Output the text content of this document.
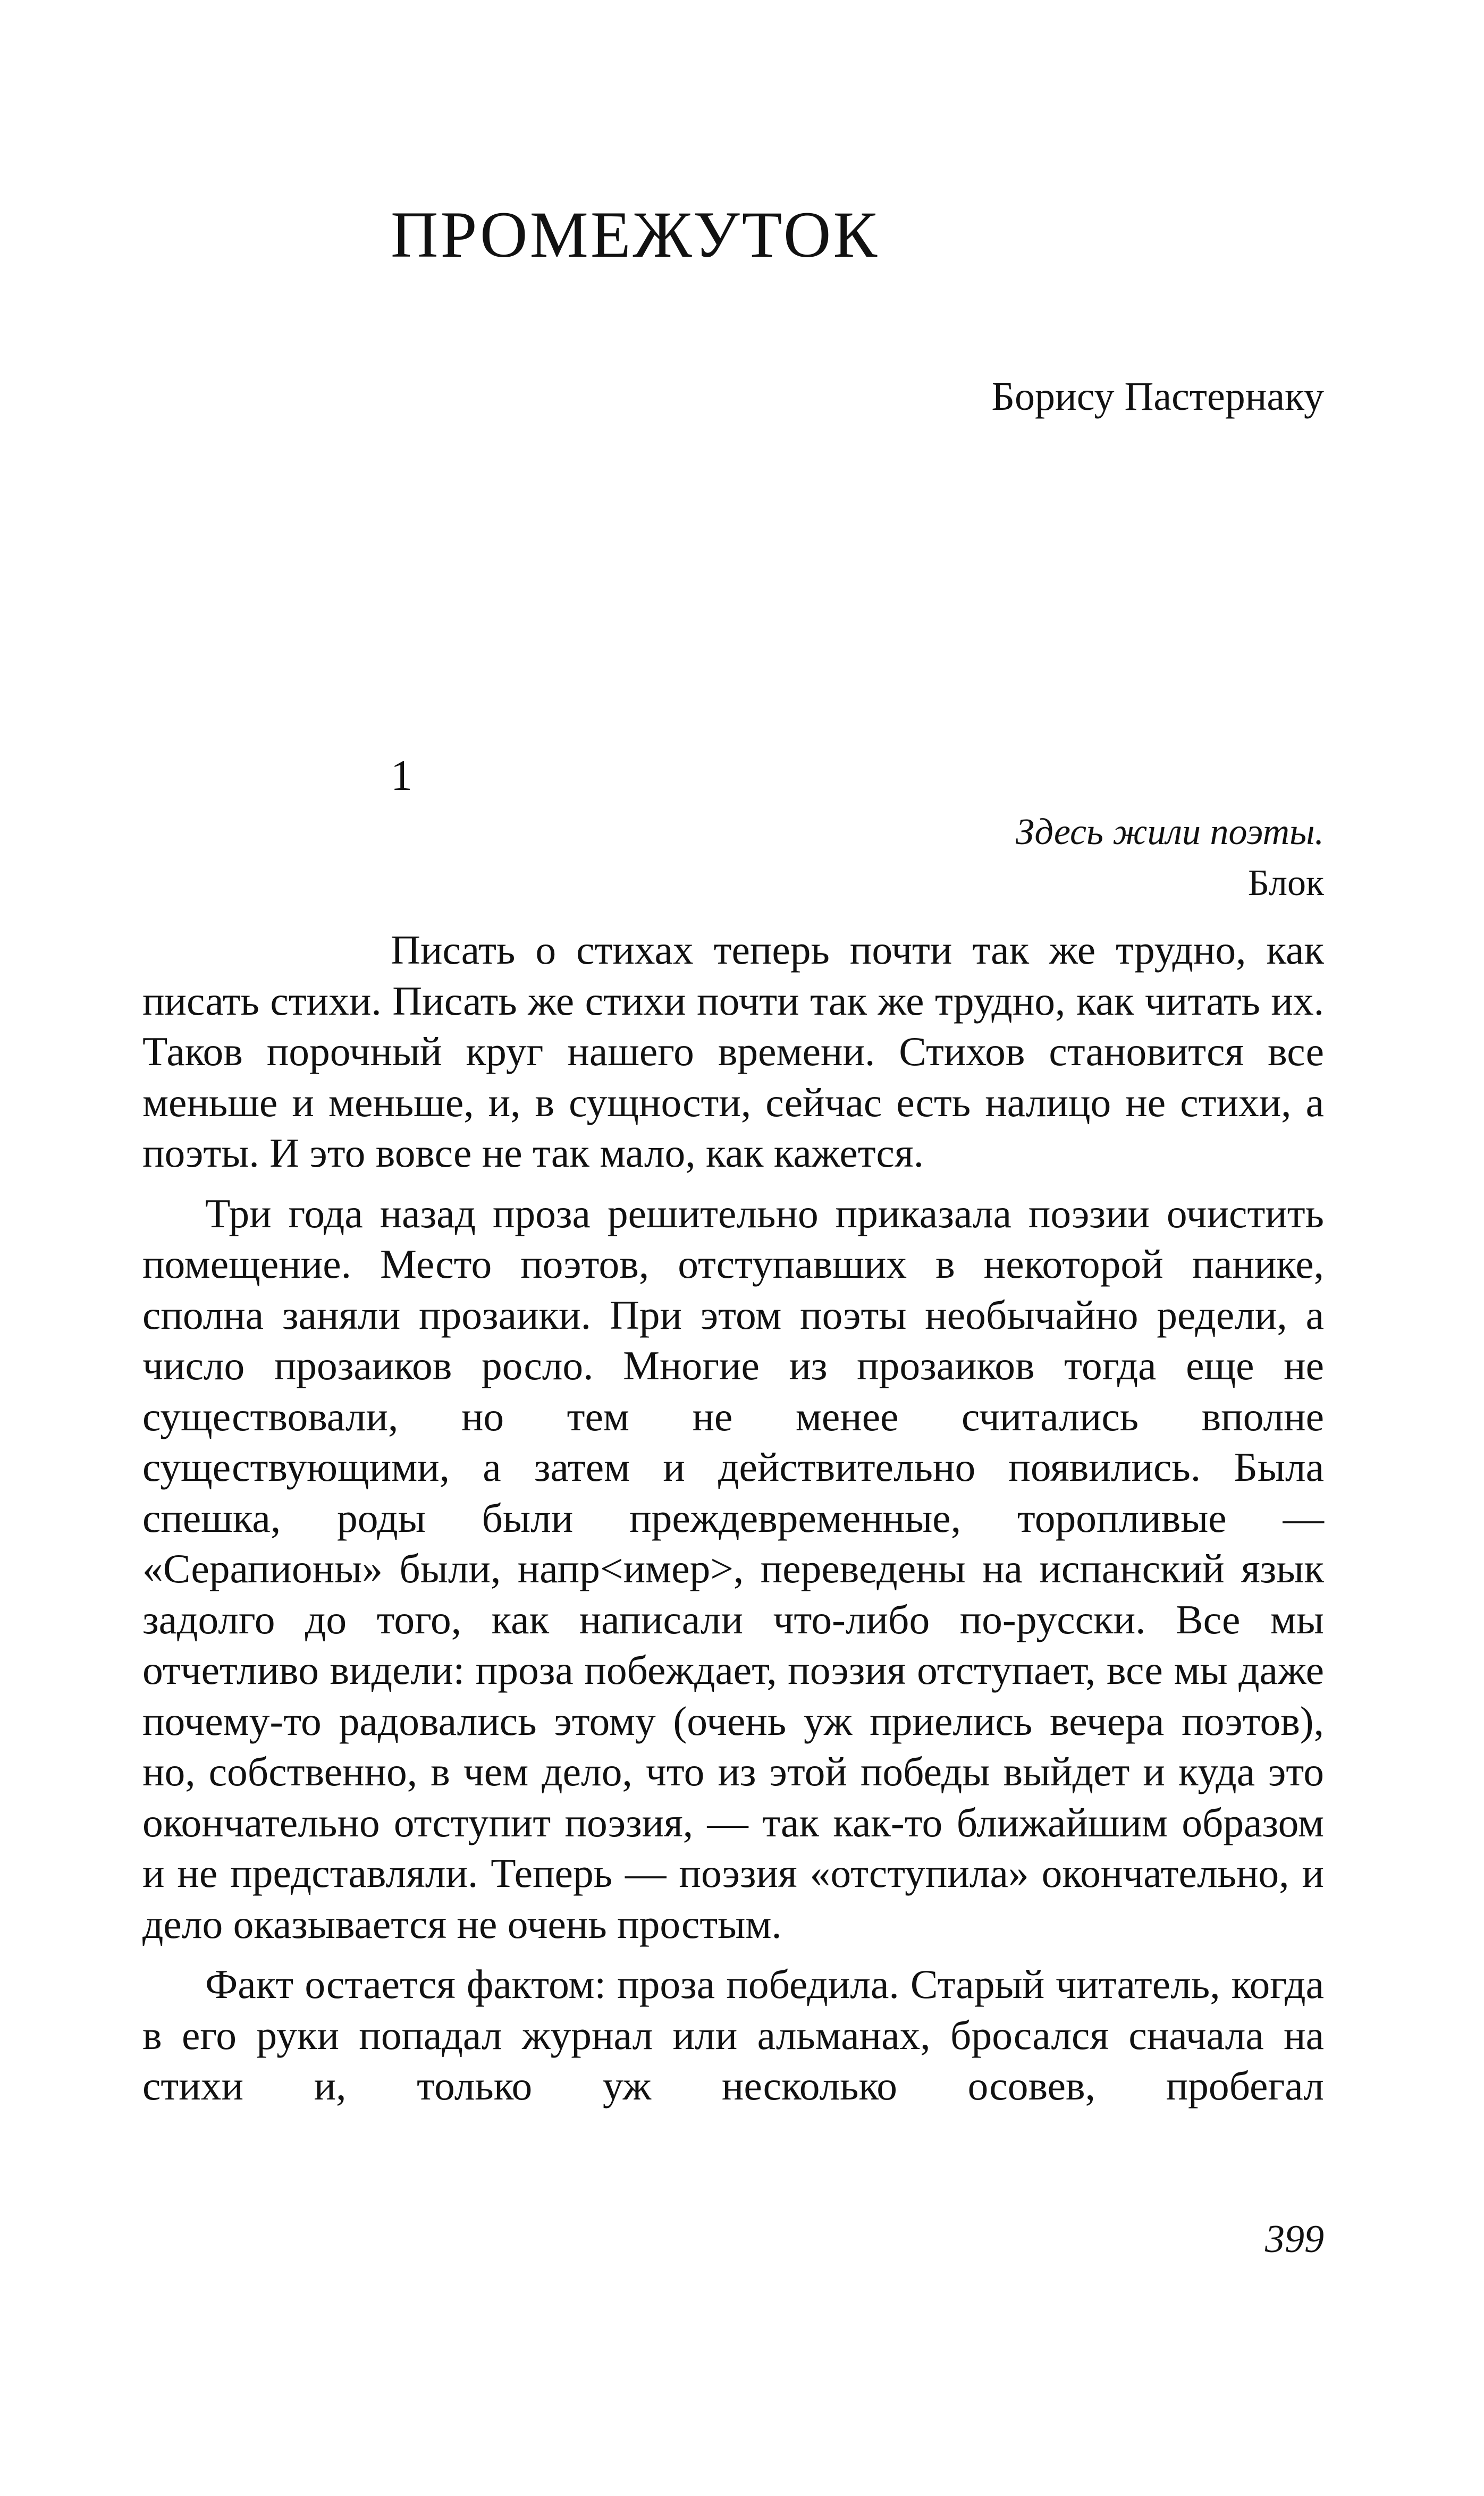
ПРОМЕЖУТОК
Борису Пастернаку
1
Здесь жили поэты.
Блок

Писать о стихах теперь почти так же трудно, как писать стихи. Писать же стихи почти так же трудно, как читать их. Таков порочный круг нашего времени. Стихов становится все меньше и меньше, и, в сущности, сейчас есть налицо не стихи, а поэты. И это вовсе не так мало, как кажется.

Три года назад проза решительно приказала поэзии очистить помещение. Место поэтов, отступавших в некоторой панике, сполна заняли прозаики. При этом поэты необычайно редели, а число прозаиков росло. Многие из прозаиков тогда еще не существовали, но тем не менее считались вполне существующими, а затем и действительно появились. Была спешка, роды были преждевременные, торопливые — «Серапионы» были, напр<имер>, переведены на испанский язык задолго до того, как написали что-либо по-русски. Все мы отчетливо видели: проза побеждает, поэзия отступает, все мы даже почему-то радовались этому (очень уж приелись вечера поэтов), но, собственно, в чем дело, что из этой победы выйдет и куда это окончательно отступит поэзия, — так как-то ближайшим образом и не представляли. Теперь — поэзия «отступила» окончательно, и дело оказывается не очень простым.

Факт остается фактом: проза победила. Старый читатель, когда в его руки попадал журнал или альманах, бросался сначала на стихи и, только уж несколько осовев, пробегал

399
